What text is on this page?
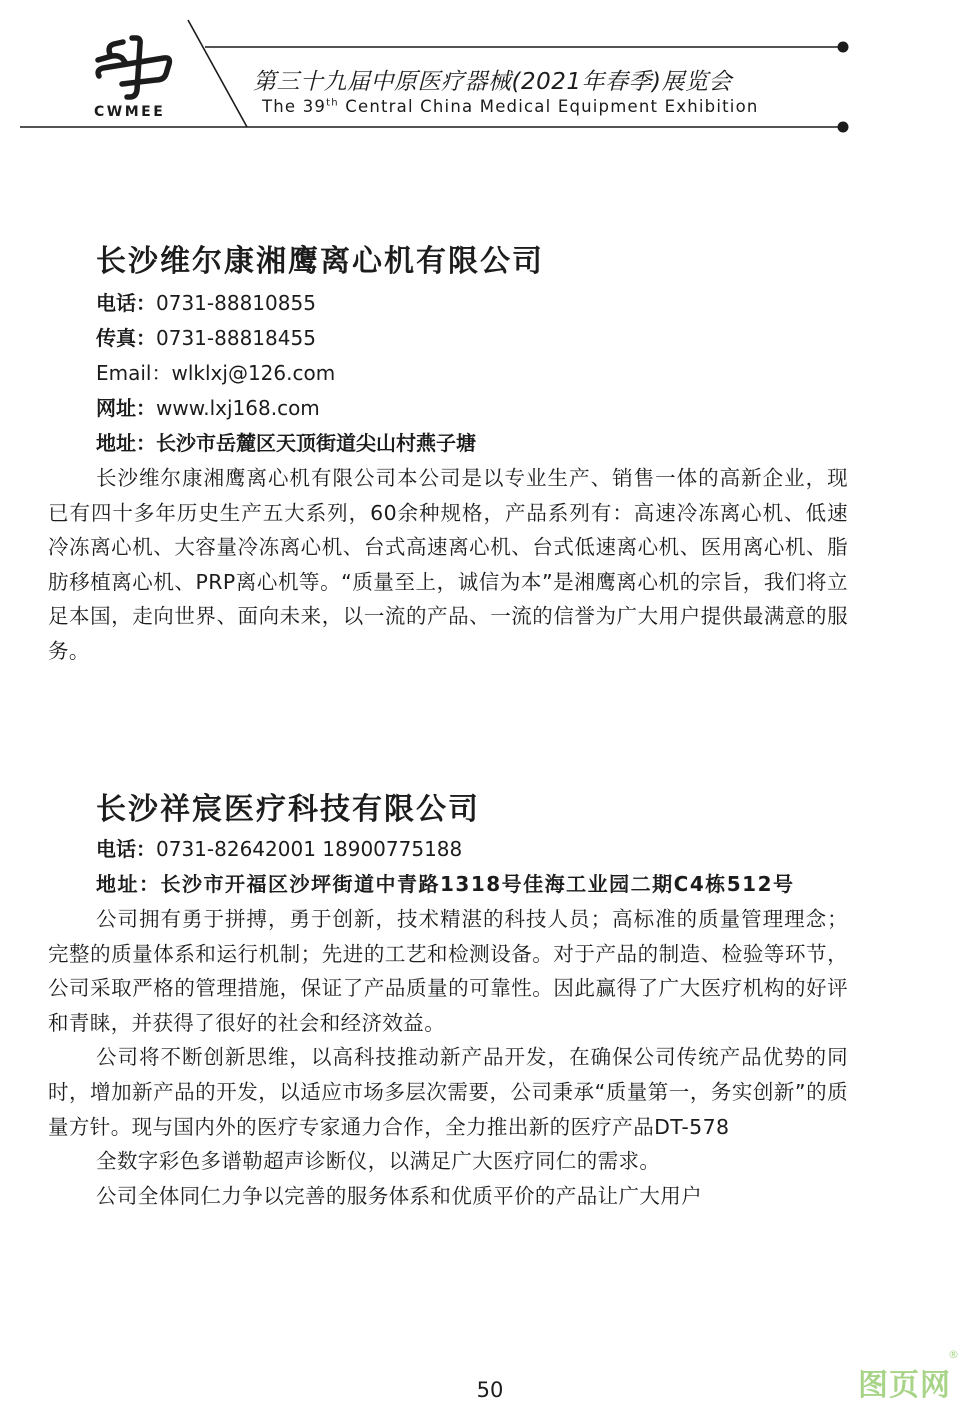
CWMEE
第三十九届中原医疗器械(2021年春季)展览会
The 39th Central China Medical Equipment Exhibition
长沙维尔康湘鹰离心机有限公司
电话：0731-88810855
传真：0731-88818455
Email：wlklxj@126.com
网址：www.lxj168.com
地址：长沙市岳麓区天顶街道尖山村燕子塘

长沙维尔康湘鹰离心机有限公司本公司是以专业生产、销售一体的高新企业，现已有四十多年历史生产五大系列，60余种规格，产品系列有：高速冷冻离心机、低速冷冻离心机、大容量冷冻离心机、台式高速离心机、台式低速离心机、医用离心机、脂肪移植离心机、PRP离心机等。“质量至上，诚信为本”是湘鹰离心机的宗旨，我们将立足本国，走向世界、面向未来，以一流的产品、一流的信誉为广大用户提供最满意的服务。

长沙祥宸医疗科技有限公司
电话：0731-82642001 18900775188

地址：长沙市开福区沙坪街道中青路1318号佳海工业园二期C4栋512号

公司拥有勇于拼搏，勇于创新，技术精湛的科技人员；高标准的质量管理理念；完整的质量体系和运行机制；先进的工艺和检测设备。对于产品的制造、检验等环节，公司采取严格的管理措施，保证了产品质量的可靠性。因此赢得了广大医疗机构的好评和青睐，并获得了很好的社会和经济效益。

公司将不断创新思维，以高科技推动新产品开发，在确保公司传统产品优势的同时，增加新产品的开发，以适应市场多层次需要，公司秉承“质量第一，务实创新”的质量方针。现与国内外的医疗专家通力合作，全力推出新的医疗产品DT-578

全数字彩色多谱勒超声诊断仪，以满足广大医疗同仁的需求。

公司全体同仁力争以完善的服务体系和优质平价的产品让广大用户

50	图页网
®
